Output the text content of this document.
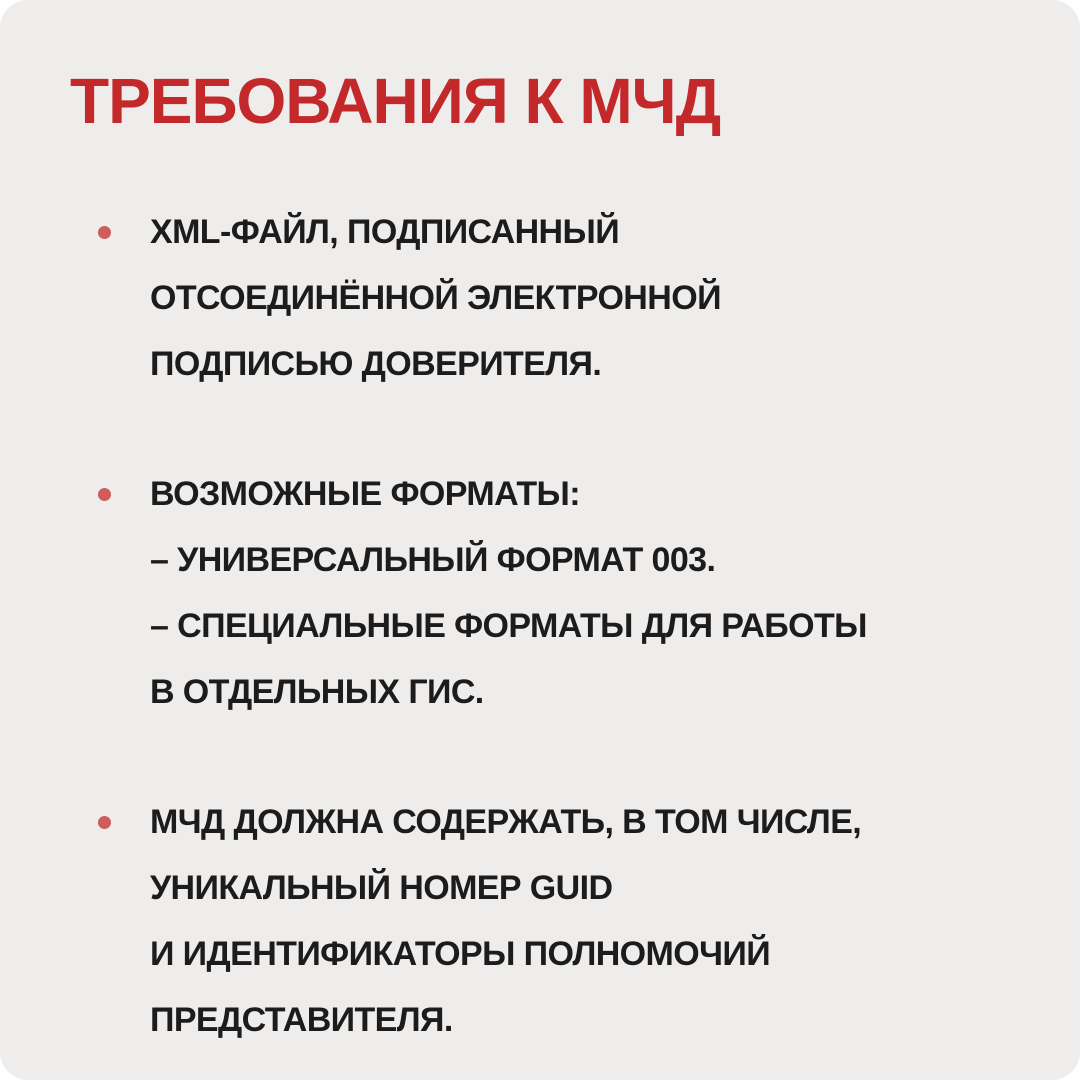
ТРЕБОВАНИЯ К МЧД
XML-ФАЙЛ, ПОДПИСАННЫЙ
ОТСОЕДИНЁННОЙ ЭЛЕКТРОННОЙ
ПОДПИСЬЮ ДОВЕРИТЕЛЯ.
ВОЗМОЖНЫЕ ФОРМАТЫ:
– УНИВЕРСАЛЬНЫЙ ФОРМАТ 003.
– СПЕЦИАЛЬНЫЕ ФОРМАТЫ ДЛЯ РАБОТЫ
В ОТДЕЛЬНЫХ ГИС.
МЧД ДОЛЖНА СОДЕРЖАТЬ, В ТОМ ЧИСЛЕ,
УНИКАЛЬНЫЙ НОМЕР GUID
И ИДЕНТИФИКАТОРЫ ПОЛНОМОЧИЙ
ПРЕДСТАВИТЕЛЯ.
